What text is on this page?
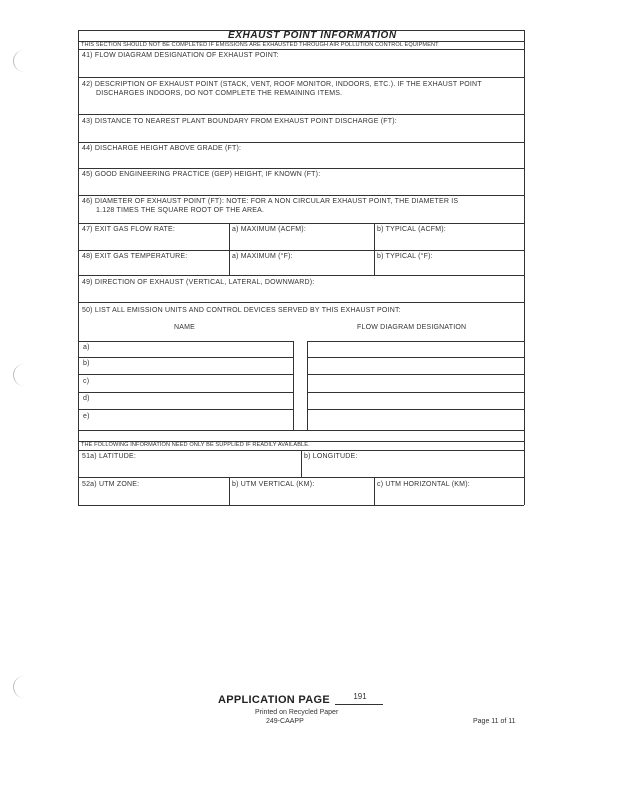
EXHAUST POINT INFORMATION
THIS SECTION SHOULD NOT BE COMPLETED IF EMISSIONS ARE EXHAUSTED THROUGH AIR POLLUTION CONTROL EQUIPMENT
41) FLOW DIAGRAM DESIGNATION OF EXHAUST POINT:
42) DESCRIPTION OF EXHAUST POINT (STACK, VENT, ROOF MONITOR, INDOORS, ETC.). IF THE EXHAUST POINT
DISCHARGES INDOORS, DO NOT COMPLETE THE REMAINING ITEMS.
43) DISTANCE TO NEAREST PLANT BOUNDARY FROM EXHAUST POINT DISCHARGE (FT):
44) DISCHARGE HEIGHT ABOVE GRADE (FT):
45) GOOD ENGINEERING PRACTICE (GEP) HEIGHT, IF KNOWN (FT):
46) DIAMETER OF EXHAUST POINT (FT): NOTE: FOR A NON CIRCULAR EXHAUST POINT, THE DIAMETER IS
1.128 TIMES THE SQUARE ROOT OF THE AREA.
47) EXIT GAS FLOW RATE:	a) MAXIMUM (ACFM):	b) TYPICAL (ACFM):
48) EXIT GAS TEMPERATURE:	a) MAXIMUM (°F):	b) TYPICAL (°F):
49) DIRECTION OF EXHAUST (VERTICAL, LATERAL, DOWNWARD):
50) LIST ALL EMISSION UNITS AND CONTROL DEVICES SERVED BY THIS EXHAUST POINT:
NAME	FLOW DIAGRAM DESIGNATION
a)
b)
c)
d)
e)
THE FOLLOWING INFORMATION NEED ONLY BE SUPPLIED IF READILY AVAILABLE.
51a) LATITUDE:	b) LONGITUDE:
52a) UTM ZONE:	b) UTM VERTICAL (KM):	c) UTM HORIZONTAL (KM):
APPLICATION PAGE	191
Printed on Recycled Paper
249-CAAPP	Page 11 of 11
